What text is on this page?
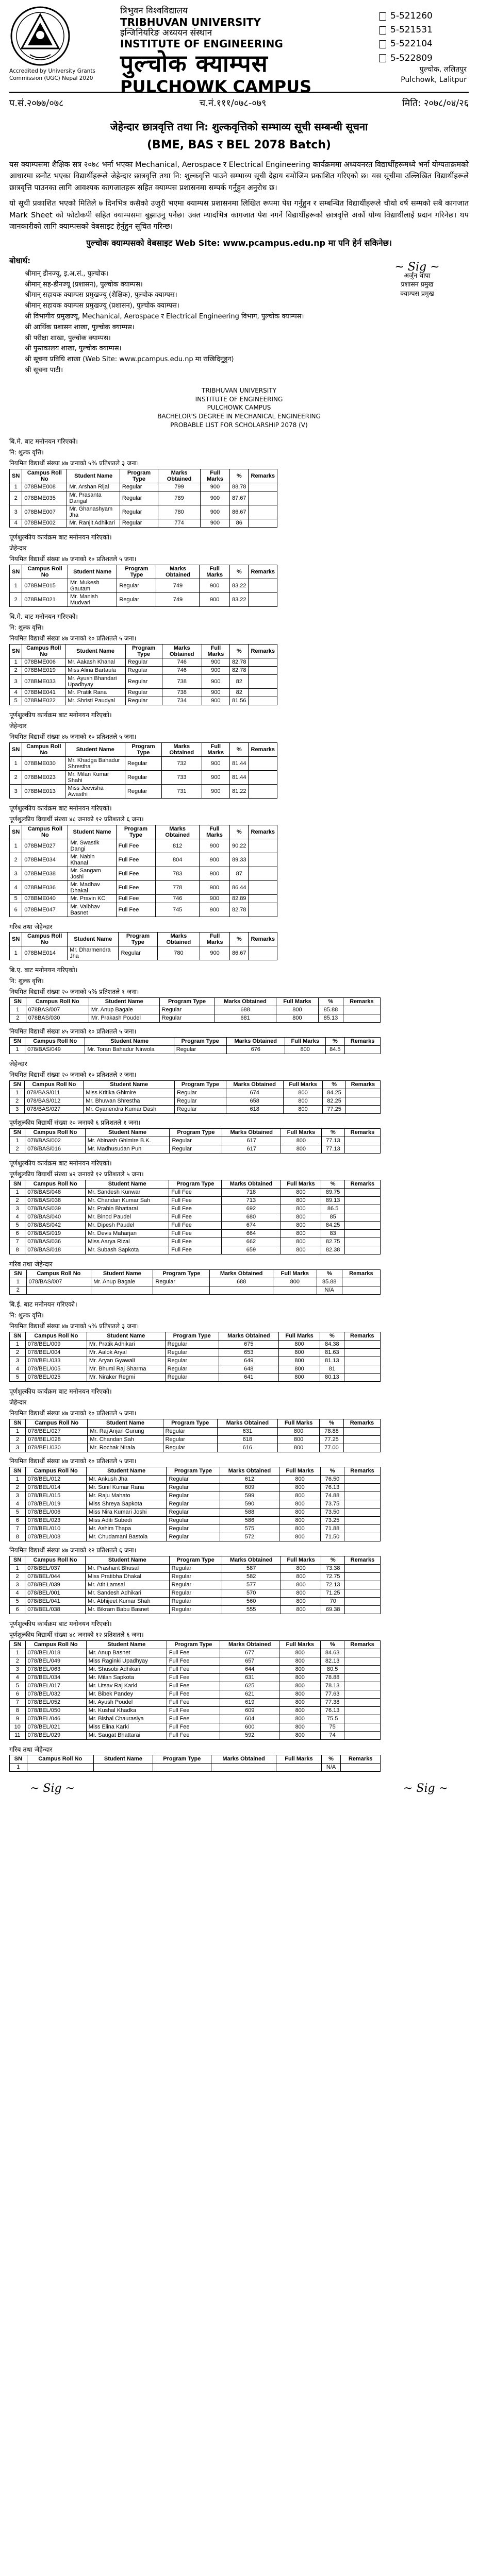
Accredited by University Grants
Commission (UGC) Nepal 2020
त्रिभुवन विश्वविद्यालय
TRIBHUVAN UNIVERSITY
इन्जिनियरिङ अध्ययन संस्थान
INSTITUTE OF ENGINEERING
पुल्चोक क्याम्पस
PULCHOWK CAMPUS
5-521260
5-521531
5-522104
5-522809
पुल्चोक, ललितपुर
Pulchowk, Lalitpur
प.सं.२०७७/०७८	च.नं.१११/०७८-०७९	मिति: २०७८/०४/२६
जेहेन्दार छात्रवृत्ति तथा नि: शुल्कवृत्तिको सम्भाव्य सूची सम्बन्धी सूचना
(BME, BAS र BEL 2078 Batch)

यस क्याम्पसमा शैक्षिक सत्र २०७८ भर्ना भएका Mechanical, Aerospace र Electrical Engineering कार्यक्रममा अध्ययनरत विद्यार्थीहरूमध्ये भर्ना योग्यताक्रमको आधारमा छनौट भएका विद्यार्थीहरूले जेहेन्दार छात्रवृत्ति तथा नि: शुल्कवृत्ति पाउने सम्भाव्य सूची देहाय बमोजिम प्रकाशित गरिएको छ। यस सूचीमा उल्लिखित विद्यार्थीहरूले छात्रवृत्ति पाउनका लागि आवश्यक कागजातहरू सहित क्याम्पस प्रशासनमा सम्पर्क गर्नुहुन अनुरोध छ।

यो सूची प्रकाशित भएको मितिले ७ दिनभित्र कसैको उजुरी भएमा क्याम्पस प्रशासनमा लिखित रूपमा पेश गर्नुहुन र सम्बन्धित विद्यार्थीहरूले चौथो वर्ष सम्मको सबै कागजात Mark Sheet को फोटोकपी सहित क्याम्पसमा बुझाउनु पर्नेछ। उक्त म्यादभित्र कागजात पेश नगर्ने विद्यार्थीहरूको छात्रवृत्ति अर्को योग्य विद्यार्थीलाई प्रदान गरिनेछ। थप जानकारीको लागि क्याम्पसको वेबसाइट हेर्नुहुन सूचित गरिन्छ।

पुल्चोक क्याम्पसको वेबसाइट Web Site: www.pcampus.edu.np मा पनि हेर्न सकिनेछ।
~ Sig ~
अर्जुन थापा
प्रशासन प्रमुख
क्याम्पस प्रमुख
बोधार्थ:
श्रीमान् डीनज्यू, इ.अ.सं., पुल्चोक।
श्रीमान् सह-डीनज्यू (प्रशासन), पुल्चोक क्याम्पस।
श्रीमान् सहायक क्याम्पस प्रमुखज्यू (शैक्षिक), पुल्चोक क्याम्पस।
श्रीमान् सहायक क्याम्पस प्रमुखज्यू (प्रशासन), पुल्चोक क्याम्पस।
श्री विभागीय प्रमुखज्यू, Mechanical, Aerospace र Electrical Engineering विभाग, पुल्चोक क्याम्पस।
श्री आर्थिक प्रशासन शाखा, पुल्चोक क्याम्पस।
श्री परीक्षा शाखा, पुल्चोक क्याम्पस।
श्री पुस्तकालय शाखा, पुल्चोक क्याम्पस।
श्री सूचना प्रविधि शाखा (Web Site: www.pcampus.edu.np मा राखिदिनुहुन)
श्री सूचना पाटी।
TRIBHUVAN UNIVERSITY
INSTITUTE OF ENGINEERING
PULCHOWK CAMPUS
BACHELOR'S DEGREE IN MECHANICAL ENGINEERING
PROBABLE LIST FOR SCHOLARSHIP 2078 (V)
बि.मे. बाट मनोनयन गरिएको।
नि: शुल्क वृत्ति।
नियमित विद्यार्थी संख्या ४७ जनाको ५% प्रतिशतले ३ जना।
SN	Campus Roll No	Student Name	Program Type	Marks Obtained	Full Marks	%	Remarks
1	078BME008	Mr. Arshan Rijal	Regular	799	900	88.78	
2	078BME035	Mr. Prasanta Dangal	Regular	789	900	87.67	
3	078BME007	Mr. Ghanashyam Jha	Regular	780	900	86.67	
4	078BME002	Mr. Ranjit Adhikari	Regular	774	900	86	
पूर्णशुल्कीय कार्यक्रम बाट मनोनयन गरिएको।
जेहेन्दार
नियमित विद्यार्थी संख्या ४७ जनाको १० प्रतिशतले ५ जना।
SN	Campus Roll No	Student Name	Program Type	Marks Obtained	Full Marks	%	Remarks
1	078BME015	Mr. Mukesh Gautam	Regular	749	900	83.22	
2	078BME021	Mr. Manish Mudvari	Regular	749	900	83.22	
बि.मे. बाट मनोनयन गरिएको।
नि: शुल्क वृत्ति।
नियमित विद्यार्थी संख्या ४७ जनाको १० प्रतिशतले ५ जना।
SN	Campus Roll No	Student Name	Program Type	Marks Obtained	Full Marks	%	Remarks
1	078BME006	Mr. Aakash Khanal	Regular	746	900	82.78	
2	078BME019	Miss Alina Bartaula	Regular	746	900	82.78	
3	078BME033	Mr. Ayush Bhandari Upadhyay	Regular	738	900	82	
4	078BME041	Mr. Pratik Rana	Regular	738	900	82	
5	078BME022	Mr. Shristi Paudyal	Regular	734	900	81.56	
पूर्णशुल्कीय कार्यक्रम बाट मनोनयन गरिएको।
जेहेन्दार
नियमित विद्यार्थी संख्या ४७ जनाको १० प्रतिशतले ५ जना।
SN	Campus Roll No	Student Name	Program Type	Marks Obtained	Full Marks	%	Remarks
1	078BME030	Mr. Khadga Bahadur Shrestha	Regular	732	900	81.44	
2	078BME023	Mr. Milan Kumar Shahi	Regular	733	900	81.44	
3	078BME013	Miss Jeevisha Awasthi	Regular	731	900	81.22	
पूर्णशुल्कीय कार्यक्रम बाट मनोनयन गरिएको।
पूर्णशुल्कीय विद्यार्थी संख्या ४८ जनाको १२ प्रतिशतले ६ जना।
SN	Campus Roll No	Student Name	Program Type	Marks Obtained	Full Marks	%	Remarks
1	078BME027	Mr. Swastik Dangi	Full Fee	812	900	90.22	
2	078BME034	Mr. Nabin Khanal	Full Fee	804	900	89.33	
3	078BME038	Mr. Sangam Joshi	Full Fee	783	900	87	
4	078BME036	Mr. Madhav Dhakal	Full Fee	778	900	86.44	
5	078BME040	Mr. Pravin KC	Full Fee	746	900	82.89	
6	078BME047	Mr. Vaibhav Basnet	Full Fee	745	900	82.78	
गरिब तथा जेहेन्दार
SN	Campus Roll No	Student Name	Program Type	Marks Obtained	Full Marks	%	Remarks
1	078BME014	Mr. Dharmendra Jha	Regular	780	900	86.67	
बि.ए. बाट मनोनयन गरिएको।
नि: शुल्क वृत्ति।
नियमित विद्यार्थी संख्या २० जनाको ५% प्रतिशतले १ जना।
SN	Campus Roll No	Student Name	Program Type	Marks Obtained	Full Marks	%	Remarks
1	078BAS/007	Mr. Anup Bagale	Regular	688	800	85.88	
2	078BAS/030	Mr. Prakash Poudel	Regular	681	800	85.13	
नियमित विद्यार्थी संख्या ४५ जनाको १० प्रतिशतले ५ जना।
SN	Campus Roll No	Student Name	Program Type	Marks Obtained	Full Marks	%	Remarks
1	078/BAS/049	Mr. Toran Bahadur Nirwola	Regular	676	800	84.5	
जेहेन्दार
नियमित विद्यार्थी संख्या २० जनाको १० प्रतिशतले २ जना।
SN	Campus Roll No	Student Name	Program Type	Marks Obtained	Full Marks	%	Remarks
1	078/BAS/011	Miss Kritika Ghimire	Regular	674	800	84.25	
2	078/BAS/012	Mr. Bhuwan Shrestha	Regular	658	800	82.25	
3	078/BAS/027	Mr. Gyanendra Kumar Dash	Regular	618	800	77.25	
पूर्णशुल्कीय विद्यार्थी संख्या २० जनाको ६ प्रतिशतले १ जना।
SN	Campus Roll No	Student Name	Program Type	Marks Obtained	Full Marks	%	Remarks
1	078/BAS/002	Mr. Abinash Ghimire B.K.	Regular	617	800	77.13	
2	078/BAS/016	Mr. Madhusudan Pun	Regular	617	800	77.13	
पूर्णशुल्कीय कार्यक्रम बाट मनोनयन गरिएको।
पूर्णशुल्कीय विद्यार्थी संख्या ४२ जनाको १२ प्रतिशतले ५ जना।
SN	Campus Roll No	Student Name	Program Type	Marks Obtained	Full Marks	%	Remarks
1	078/BAS/048	Mr. Sandesh Kunwar	Full Fee	718	800	89.75	
2	078/BAS/038	Mr. Chandan Kumar Sah	Full Fee	713	800	89.13	
3	078/BAS/039	Mr. Prabin Bhattarai	Full Fee	692	800	86.5	
4	078/BAS/040	Mr. Binod Paudel	Full Fee	680	800	85	
5	078/BAS/042	Mr. Dipesh Paudel	Full Fee	674	800	84.25	
6	078/BAS/019	Mr. Devis Maharjan	Full Fee	664	800	83	
7	078/BAS/036	Miss Aarya Rizal	Full Fee	662	800	82.75	
8	078/BAS/018	Mr. Subash Sapkota	Full Fee	659	800	82.38	
गरिब तथा जेहेन्दार
SN	Campus Roll No	Student Name	Program Type	Marks Obtained	Full Marks	%	Remarks
1	078/BAS/007	Mr. Anup Bagale	Regular	688	800	85.88	
2						N/A	
बि.ई. बाट मनोनयन गरिएको।
नि: शुल्क वृत्ति।
नियमित विद्यार्थी संख्या ४७ जनाको ५% प्रतिशतले ३ जना।
SN	Campus Roll No	Student Name	Program Type	Marks Obtained	Full Marks	%	Remarks
1	078/BEL/009	Mr. Pratik Adhikari	Regular	675	800	84.38	
2	078/BEL/004	Mr. Aalok Aryal	Regular	653	800	81.63	
3	078/BEL/033	Mr. Aryan Gyawali	Regular	649	800	81.13	
4	078/BEL/005	Mr. Bhumi Raj Sharma	Regular	648	800	81	
5	078/BEL/025	Mr. Niraker Regmi	Regular	641	800	80.13	
पूर्णशुल्कीय कार्यक्रम बाट मनोनयन गरिएको।
जेहेन्दार
नियमित विद्यार्थी संख्या ४७ जनाको १० प्रतिशतले ५ जना।
SN	Campus Roll No	Student Name	Program Type	Marks Obtained	Full Marks	%	Remarks
1	078/BEL/027	Mr. Raj Anjan Gurung	Regular	631	800	78.88	
2	078/BEL/028	Mr. Chandan Sah	Regular	618	800	77.25	
3	078/BEL/030	Mr. Rochak Nirala	Regular	616	800	77.00	
नियमित विद्यार्थी संख्या ४७ जनाको १० प्रतिशतले ५ जना।
SN	Campus Roll No	Student Name	Program Type	Marks Obtained	Full Marks	%	Remarks
1	078/BEL/012	Mr. Ankush Jha	Regular	612	800	76.50	
2	078/BEL/014	Mr. Sunil Kumar Rana	Regular	609	800	76.13	
3	078/BEL/015	Mr. Raju Mahato	Regular	599	800	74.88	
4	078/BEL/019	Miss Shreya Sapkota	Regular	590	800	73.75	
5	078/BEL/006	Miss Nira Kumari Joshi	Regular	588	800	73.50	
6	078/BEL/023	Miss Aditi Subedi	Regular	586	800	73.25	
7	078/BEL/010	Mr. Ashim Thapa	Regular	575	800	71.88	
8	078/BEL/008	Mr. Chudamani Bastola	Regular	572	800	71.50	
नियमित विद्यार्थी संख्या ४७ जनाको १२ प्रतिशतले ६ जना।
SN	Campus Roll No	Student Name	Program Type	Marks Obtained	Full Marks	%	Remarks
1	078/BEL/037	Mr. Prashant Bhusal	Regular	587	800	73.38	
2	078/BEL/044	Miss Pratibha Dhakal	Regular	582	800	72.75	
3	078/BEL/039	Mr. Atit Lamsal	Regular	577	800	72.13	
4	078/BEL/001	Mr. Sandesh Adhikari	Regular	570	800	71.25	
5	078/BEL/041	Mr. Abhijeet Kumar Shah	Regular	560	800	70	
6	078/BEL/038	Mr. Bikram Babu Basnet	Regular	555	800	69.38	
पूर्णशुल्कीय कार्यक्रम बाट मनोनयन गरिएको।
पूर्णशुल्कीय विद्यार्थी संख्या ४८ जनाको १२ प्रतिशतले ६ जना।
SN	Campus Roll No	Student Name	Program Type	Marks Obtained	Full Marks	%	Remarks
1	078/BEL/018	Mr. Anup Basnet	Full Fee	677	800	84.63	
2	078/BEL/049	Miss Raginki Upadhyay	Full Fee	657	800	82.13	
3	078/BEL/063	Mr. Shusobi Adhikari	Full Fee	644	800	80.5	
4	078/BEL/034	Mr. Milan Sapkota	Full Fee	631	800	78.88	
5	078/BEL/017	Mr. Utsav Raj Karki	Full Fee	625	800	78.13	
6	078/BEL/032	Mr. Bibek Pandey	Full Fee	621	800	77.63	
7	078/BEL/052	Mr. Ayush Poudel	Full Fee	619	800	77.38	
8	078/BEL/050	Mr. Kushal Khadka	Full Fee	609	800	76.13	
9	078/BEL/046	Mr. Bishal Chaurasiya	Full Fee	604	800	75.5	
10	078/BEL/021	Miss Elina Karki	Full Fee	600	800	75	
11	078/BEL/029	Mr. Saugat Bhattarai	Full Fee	592	800	74	
गरिब तथा जेहेन्दार
SN	Campus Roll No	Student Name	Program Type	Marks Obtained	Full Marks	%	Remarks
1						N/A	
~ Sig ~	~ Sig ~
